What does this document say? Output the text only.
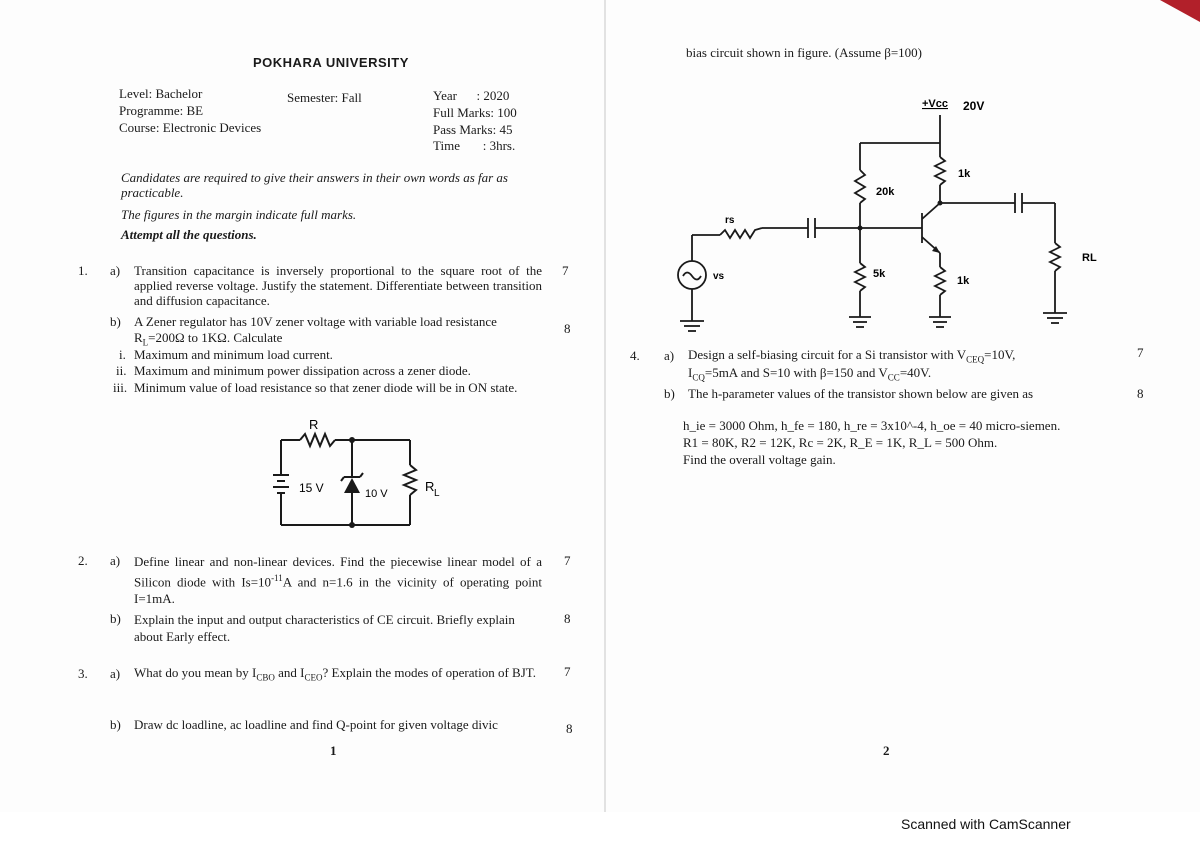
POKHARA UNIVERSITY
Level: Bachelor
Programme: BE
Course: Electronic Devices
Semester: Fall	Year      : 2020
Full Marks: 100
Pass Marks: 45
Time       : 3hrs.
Candidates are required to give their answers in their own words as far as practicable.
The figures in the margin indicate full marks.
Attempt all the questions.
1. a) Transition capacitance is inversely proportional to the square root of the applied reverse voltage. Justify the statement. Differentiate between transition and diffusion capacitance.
7
b) A Zener regulator has 10V zener voltage with variable load resistance
$R_L=200\Omega$ to 1KΩ. Calculate
8
i. Maximum and minimum load current.
ii. Maximum and minimum power dissipation across a zener diode.
iii. Minimum value of load resistance so that zener diode will be in ON state.
R
15 V	10 V	R L
2. a) Define linear and non-linear devices. Find the piecewise linear model of a Silicon diode with $Is=10^{-11}A$ and n=1.6 in the vicinity of operating point I=1mA.
7
b) Explain the input and output characteristics of CE circuit. Briefly explain about Early effect.
8
3. a) What do you mean by $I_{CBO}$ and $I_{CEO}$? Explain the modes of operation of BJT. 7
b) Draw dc loadline, ac loadline and find Q-point for given voltage divic	8
1
bias circuit shown in figure. (Assume β=100)
+Vcc 20V
20k
1k
rs
5k
1k
vs
RL
4. a) Design a self-biasing circuit for a Si transistor with $V_{CEQ}=10V$,
$I_{CQ}=5mA$ and S=10 with β=150 and $V_{CC}=40V$.
7
b) The h-parameter values of the transistor shown below are given as	8
h_ie = 3000 Ohm, h_fe = 180, h_re = 3x10^-4, h_oe = 40 micro-siemen.
R1 = 80K, R2 = 12K, Rc = 2K, R_E = 1K, R_L = 500 Ohm.
Find the overall voltage gain.
2
Scanned with CamScanner
